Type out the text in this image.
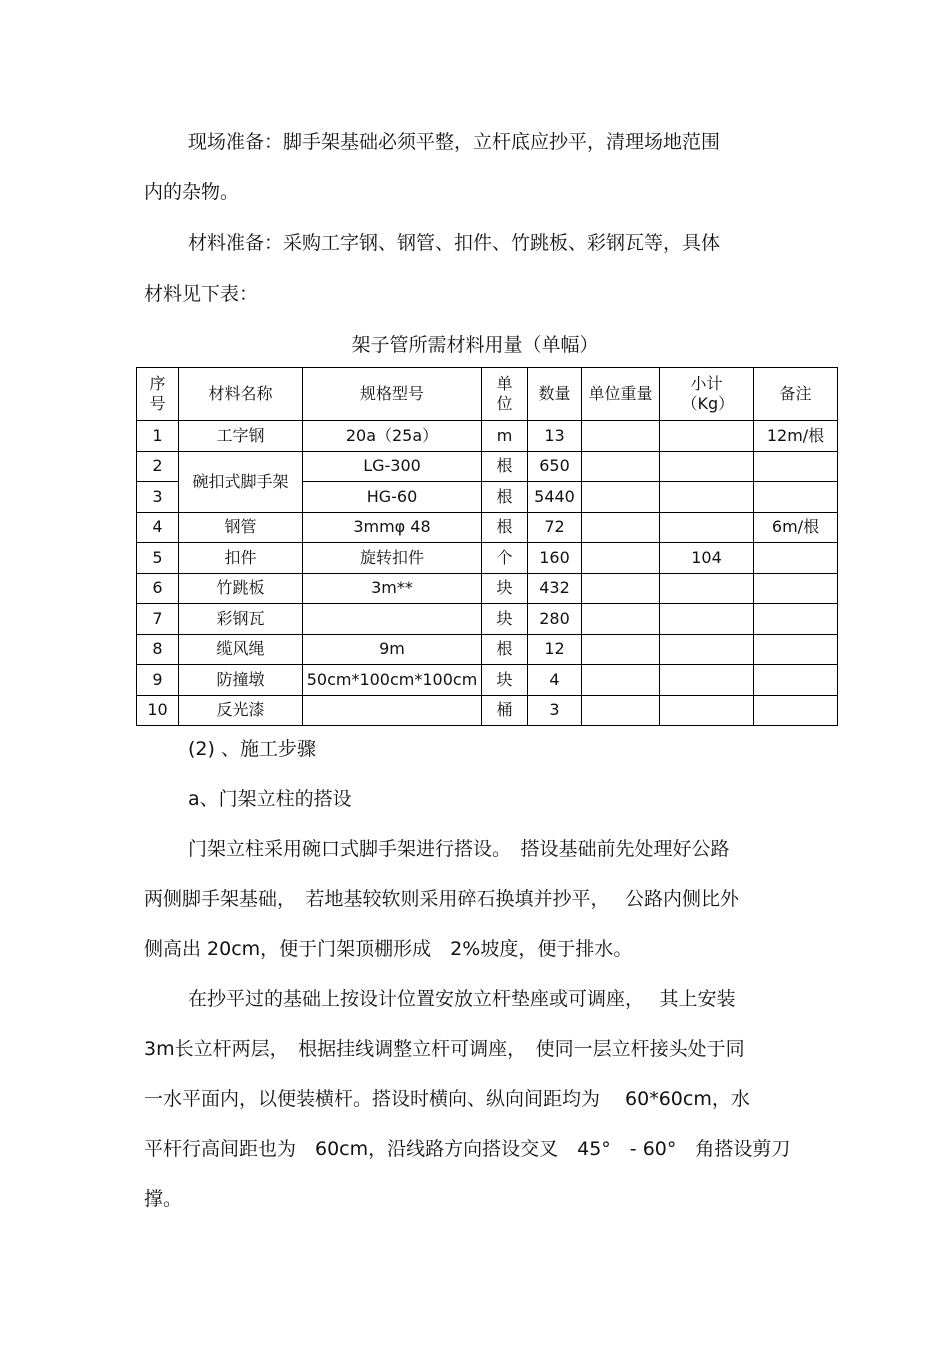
现场准备：脚手架基础必须平整，立杆底应抄平，清理场地范围
内的杂物。
材料准备：采购工字钢、钢管、扣件、竹跳板、彩钢瓦等，具体
材料见下表：
架子管所需材料用量（单幅）
序号	材料名称	规格型号	单位	数量	单位重量	小计（Kg）	备注
1	工字钢	20a（25a）	m	13			12m/根
2	碗扣式脚手架	LG-300	根	650			
3		HG-60	根	5440			
4	钢管	3mmφ 48	根	72			6m/根
5	扣件	旋转扣件	个	160		104	
6	竹跳板	3m**	块	432			
7	彩钢瓦		块	280			
8	缆风绳	9m	根	12			
9	防撞墩	50cm*100cm*100cm	块	4			
10	反光漆		桶	3			
(2) 、施工步骤
a、门架立柱的搭设
门架立柱采用碗口式脚手架进行搭设。　搭设基础前先处理好公路
两侧脚手架基础，　若地基较软则采用碎石换填并抄平，　 公路内侧比外
侧高出 20cm，便于门架顶棚形成　2%坡度，便于排水。
在抄平过的基础上按设计位置安放立杆垫座或可调座，　 其上安装
3m长立杆两层，　根据挂线调整立杆可调座，　使同一层立杆接头处于同
一水平面内，以便装横杆。搭设时横向、纵向间距均为　 60*60cm，水
平杆行高间距也为　60cm，沿线路方向搭设交叉　45°　- 60°　角搭设剪刀
撑。
